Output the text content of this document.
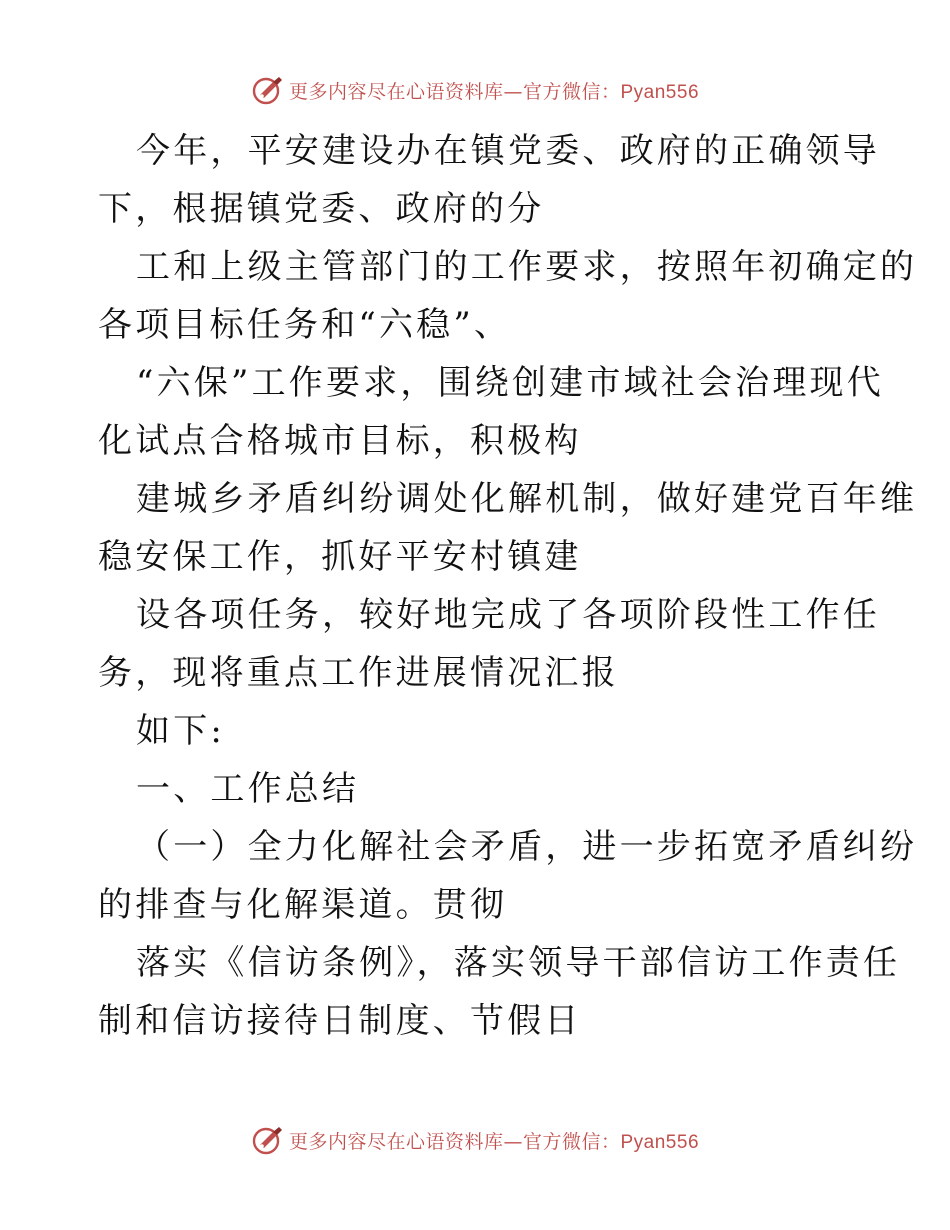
更多内容尽在心语资料库—官方微信：Pyan556

今年，平安建设办在镇党委、政府的正确领导
下，根据镇党委、政府的分

工和上级主管部门的工作要求，按照年初确定的
各项目标任务和“六稳”、

“六保”工作要求，围绕创建市域社会治理现代
化试点合格城市目标，积极构

建城乡矛盾纠纷调处化解机制，做好建党百年维
稳安保工作，抓好平安村镇建

设各项任务，较好地完成了各项阶段性工作任
务，现将重点工作进展情况汇报

如下:

一、工作总结

（一）全力化解社会矛盾，进一步拓宽矛盾纠纷
的排查与化解渠道。贯彻

落实《信访条例》，落实领导干部信访工作责任
制和信访接待日制度、节假日

更多内容尽在心语资料库—官方微信：Pyan556
